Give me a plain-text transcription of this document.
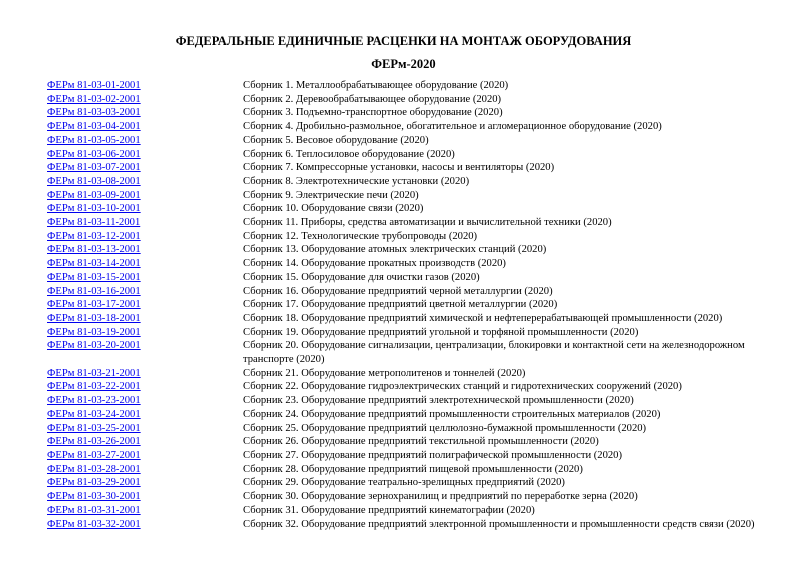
ФЕДЕРАЛЬНЫЕ ЕДИНИЧНЫЕ РАСЦЕНКИ НА МОНТАЖ ОБОРУДОВАНИЯ
ФЕРм-2020
ФЕРм 81-03-01-2001	Сборник 1. Металлообрабатывающее оборудование (2020)
ФЕРм 81-03-02-2001	Сборник 2. Деревообрабатывающее оборудование (2020)
ФЕРм 81-03-03-2001	Сборник 3. Подъемно-транспортное оборудование (2020)
ФЕРм 81-03-04-2001	Сборник 4. Дробильно-размольное, обогатительное и агломерационное оборудование (2020)
ФЕРм 81-03-05-2001	Сборник 5. Весовое оборудование (2020)
ФЕРм 81-03-06-2001	Сборник 6. Теплосиловое оборудование (2020)
ФЕРм 81-03-07-2001	Сборник 7. Компрессорные установки, насосы и вентиляторы (2020)
ФЕРм 81-03-08-2001	Сборник 8. Электротехнические установки (2020)
ФЕРм 81-03-09-2001	Сборник 9. Электрические печи (2020)
ФЕРм 81-03-10-2001	Сборник 10. Оборудование связи (2020)
ФЕРм 81-03-11-2001	Сборник 11. Приборы, средства автоматизации и вычислительной техники (2020)
ФЕРм 81-03-12-2001	Сборник 12. Технологические трубопроводы (2020)
ФЕРм 81-03-13-2001	Сборник 13. Оборудование атомных электрических станций (2020)
ФЕРм 81-03-14-2001	Сборник 14. Оборудование прокатных производств (2020)
ФЕРм 81-03-15-2001	Сборник 15. Оборудование для очистки газов (2020)
ФЕРм 81-03-16-2001	Сборник 16. Оборудование предприятий черной металлургии (2020)
ФЕРм 81-03-17-2001	Сборник 17. Оборудование предприятий цветной металлургии (2020)
ФЕРм 81-03-18-2001	Сборник 18. Оборудование предприятий химической и нефтеперерабатывающей промышленности (2020)
ФЕРм 81-03-19-2001	Сборник 19. Оборудование предприятий угольной и торфяной промышленности (2020)
ФЕРм 81-03-20-2001	Сборник 20. Оборудование сигнализации, централизации, блокировки и контактной сети на железнодорожном транспорте (2020)
ФЕРм 81-03-21-2001	Сборник 21. Оборудование метрополитенов и тоннелей (2020)
ФЕРм 81-03-22-2001	Сборник 22. Оборудование гидроэлектрических станций и гидротехнических сооружений (2020)
ФЕРм 81-03-23-2001	Сборник 23. Оборудование предприятий электротехнической промышленности (2020)
ФЕРм 81-03-24-2001	Сборник 24. Оборудование предприятий промышленности строительных материалов (2020)
ФЕРм 81-03-25-2001	Сборник 25. Оборудование предприятий целлюлозно-бумажной промышленности (2020)
ФЕРм 81-03-26-2001	Сборник 26. Оборудование предприятий текстильной промышленности (2020)
ФЕРм 81-03-27-2001	Сборник 27. Оборудование предприятий полиграфической промышленности (2020)
ФЕРм 81-03-28-2001	Сборник 28. Оборудование предприятий пищевой промышленности (2020)
ФЕРм 81-03-29-2001	Сборник 29. Оборудование театрально-зрелищных предприятий (2020)
ФЕРм 81-03-30-2001	Сборник 30. Оборудование зернохранилищ и предприятий по переработке зерна (2020)
ФЕРм 81-03-31-2001	Сборник 31. Оборудование предприятий кинематографии (2020)
ФЕРм 81-03-32-2001	Сборник 32. Оборудование предприятий электронной промышленности и промышленности средств связи (2020)
